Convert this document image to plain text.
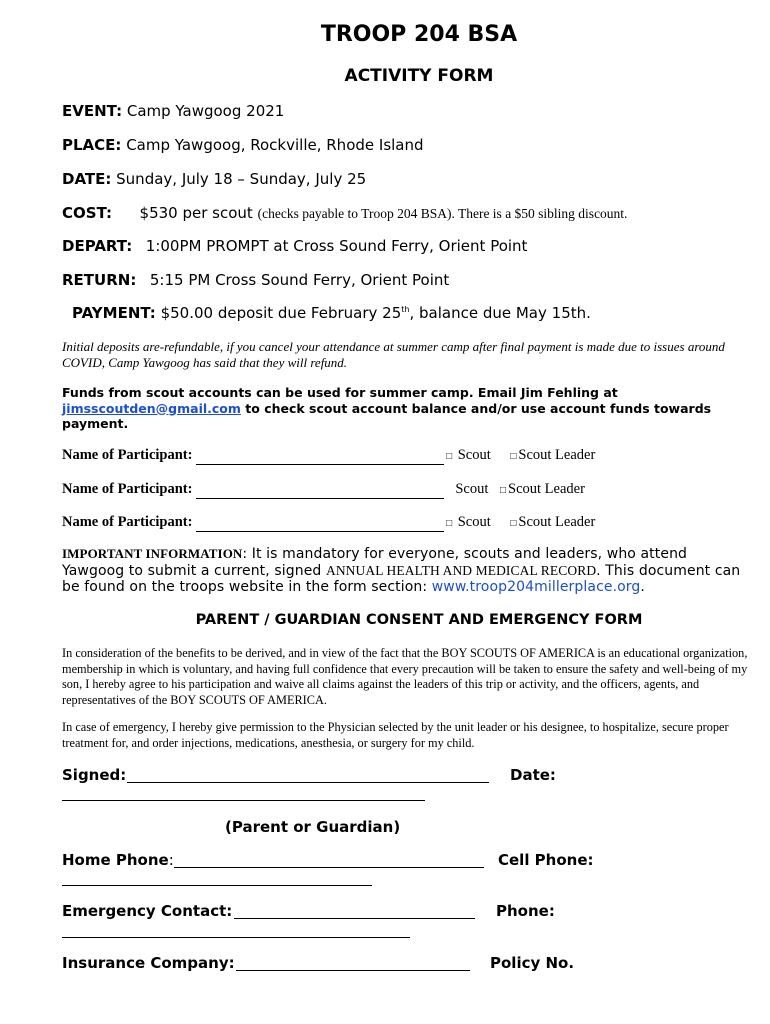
TROOP 204 BSA
ACTIVITY FORM
EVENT: Camp Yawgoog 2021
PLACE: Camp Yawgoog, Rockville, Rhode Island
DATE: Sunday, July 18 – Sunday, July 25
COST: $530 per scout (checks payable to Troop 204 BSA). There is a $50 sibling discount.
DEPART: 1:00PM PROMPT at Cross Sound Ferry, Orient Point
RETURN: 5:15 PM Cross Sound Ferry, Orient Point
PAYMENT: $50.00 deposit due February 25th, balance due May 15th.
Initial deposits are-refundable, if you cancel your attendance at summer camp after final payment is made due to issues around COVID, Camp Yawgoog has said that they will refund.
Funds from scout accounts can be used for summer camp. Email Jim Fehling at jimsscoutden@gmail.com to check scout account balance and/or use account funds towards payment.
Name of Participant:	□ Scout □ Scout Leader
Name of Participant:	Scout □ Scout Leader
Name of Participant:	□ Scout □ Scout Leader
IMPORTANT INFORMATION: It is mandatory for everyone, scouts and leaders, who attend Yawgoog to submit a current, signed ANNUAL HEALTH AND MEDICAL RECORD. This document can be found on the troops website in the form section: www.troop204millerplace.org.
PARENT / GUARDIAN CONSENT AND EMERGENCY FORM
In consideration of the benefits to be derived, and in view of the fact that the BOY SCOUTS OF AMERICA is an educational organization, membership in which is voluntary, and having full confidence that every precaution will be taken to ensure the safety and well-being of my son, I hereby agree to his participation and waive all claims against the leaders of this trip or activity, and the officers, agents, and representatives of the BOY SCOUTS OF AMERICA.
In case of emergency, I hereby give permission to the Physician selected by the unit leader or his designee, to hospitalize, secure proper treatment for, and order injections, medications, anesthesia, or surgery for my child.
Signed:	Date:
(Parent or Guardian)
Home Phone:	Cell Phone:
Emergency Contact:	Phone:
Insurance Company:	Policy No.
